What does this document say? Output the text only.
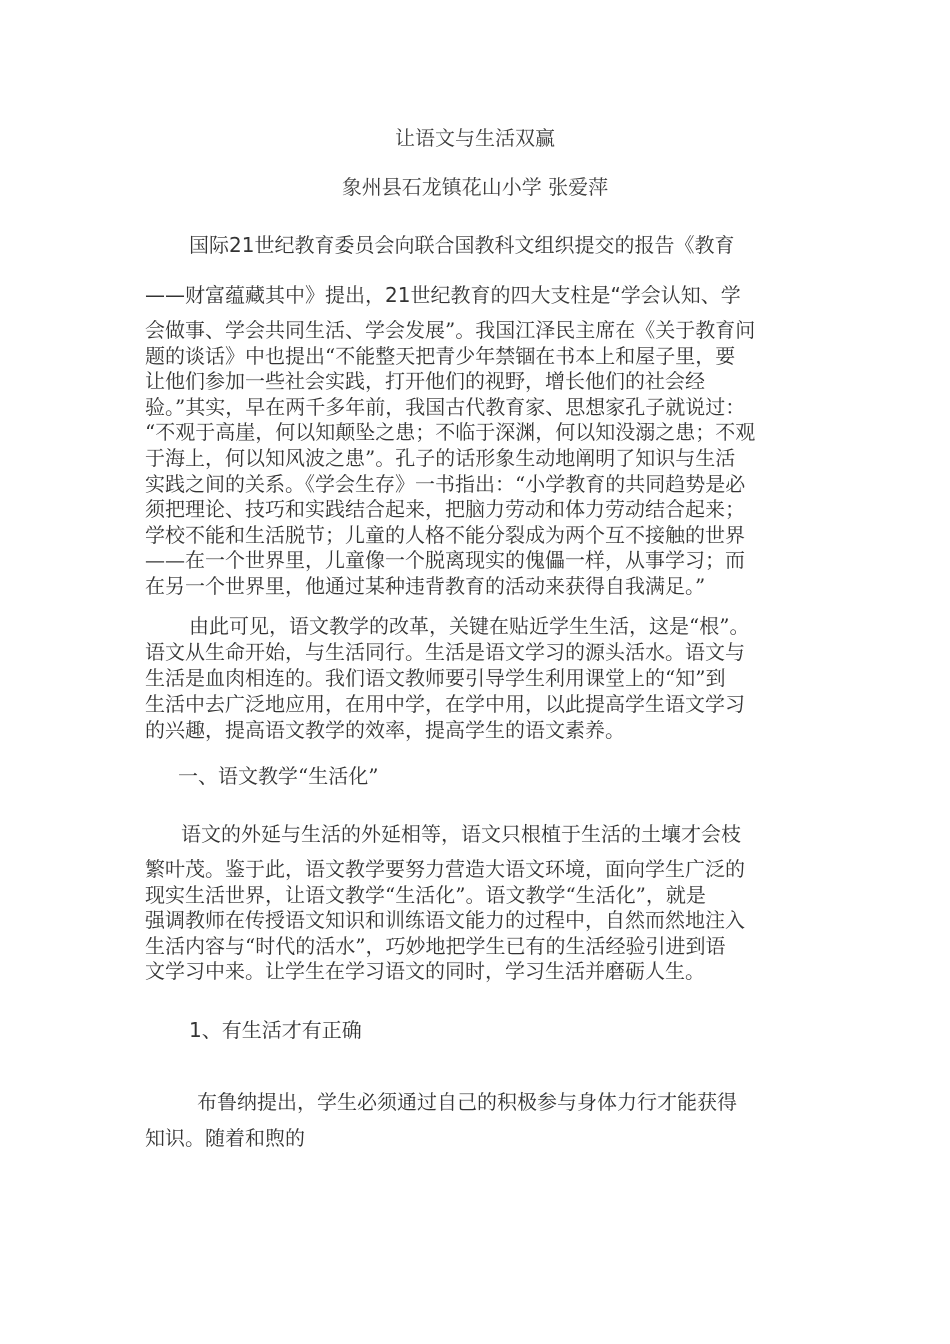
让语文与生活双赢
象州县石龙镇花山小学 张爱萍
国际21世纪教育委员会向联合国教科文组织提交的报告《教育
——财富蕴藏其中》提出，21世纪教育的四大支柱是“学会认知、学
会做事、学会共同生活、学会发展”。我国江泽民主席在《关于教育问
题的谈话》中也提出“不能整天把青少年禁锢在书本上和屋子里，要
让他们参加一些社会实践，打开他们的视野，增长他们的社会经
验。”其实，早在两千多年前，我国古代教育家、思想家孔子就说过：
“不观于高崖，何以知颠坠之患；不临于深渊，何以知没溺之患；不观
于海上，何以知风波之患”。孔子的话形象生动地阐明了知识与生活
实践之间的关系。《学会生存》一书指出：“小学教育的共同趋势是必
须把理论、技巧和实践结合起来，把脑力劳动和体力劳动结合起来；
学校不能和生活脱节；儿童的人格不能分裂成为两个互不接触的世界
——在一个世界里，儿童像一个脱离现实的傀儡一样，从事学习；而
在另一个世界里，他通过某种违背教育的活动来获得自我满足。”
由此可见，语文教学的改革，关键在贴近学生生活，这是“根”。
语文从生命开始，与生活同行。生活是语文学习的源头活水。语文与
生活是血肉相连的。我们语文教师要引导学生利用课堂上的“知”到
生活中去广泛地应用，在用中学，在学中用，以此提高学生语文学习
的兴趣，提高语文教学的效率，提高学生的语文素养。
一、语文教学“生活化”
语文的外延与生活的外延相等，语文只根植于生活的土壤才会枝
繁叶茂。鉴于此，语文教学要努力营造大语文环境，面向学生广泛的
现实生活世界，让语文教学“生活化”。语文教学“生活化”，就是
强调教师在传授语文知识和训练语文能力的过程中，自然而然地注入
生活内容与“时代的活水”，巧妙地把学生已有的生活经验引进到语
文学习中来。让学生在学习语文的同时，学习生活并磨砺人生。
1、有生活才有正确
布鲁纳提出，学生必须通过自己的积极参与身体力行才能获得
知识。随着和煦的
